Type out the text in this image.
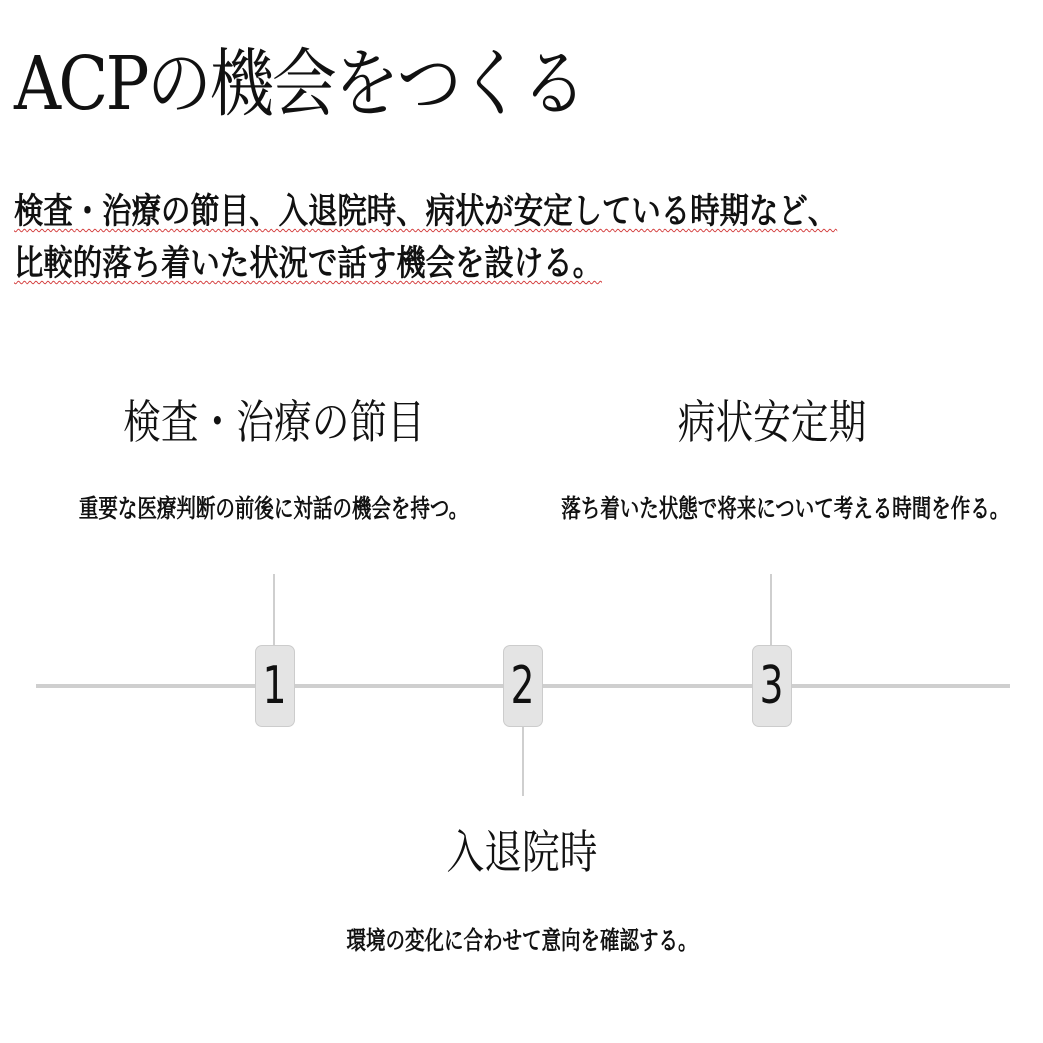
ACPの機会をつくる

検査・治療の節目、入退院時、病状が安定している時期など、
比較的落ち着いた状況で話す機会を設ける。

1
検査・治療の節目

重要な医療判断の前後に対話の機会を持つ。

2
入退院時

環境の変化に合わせて意向を確認する。

3
病状安定期

落ち着いた状態で将来について考える時間を作る。
